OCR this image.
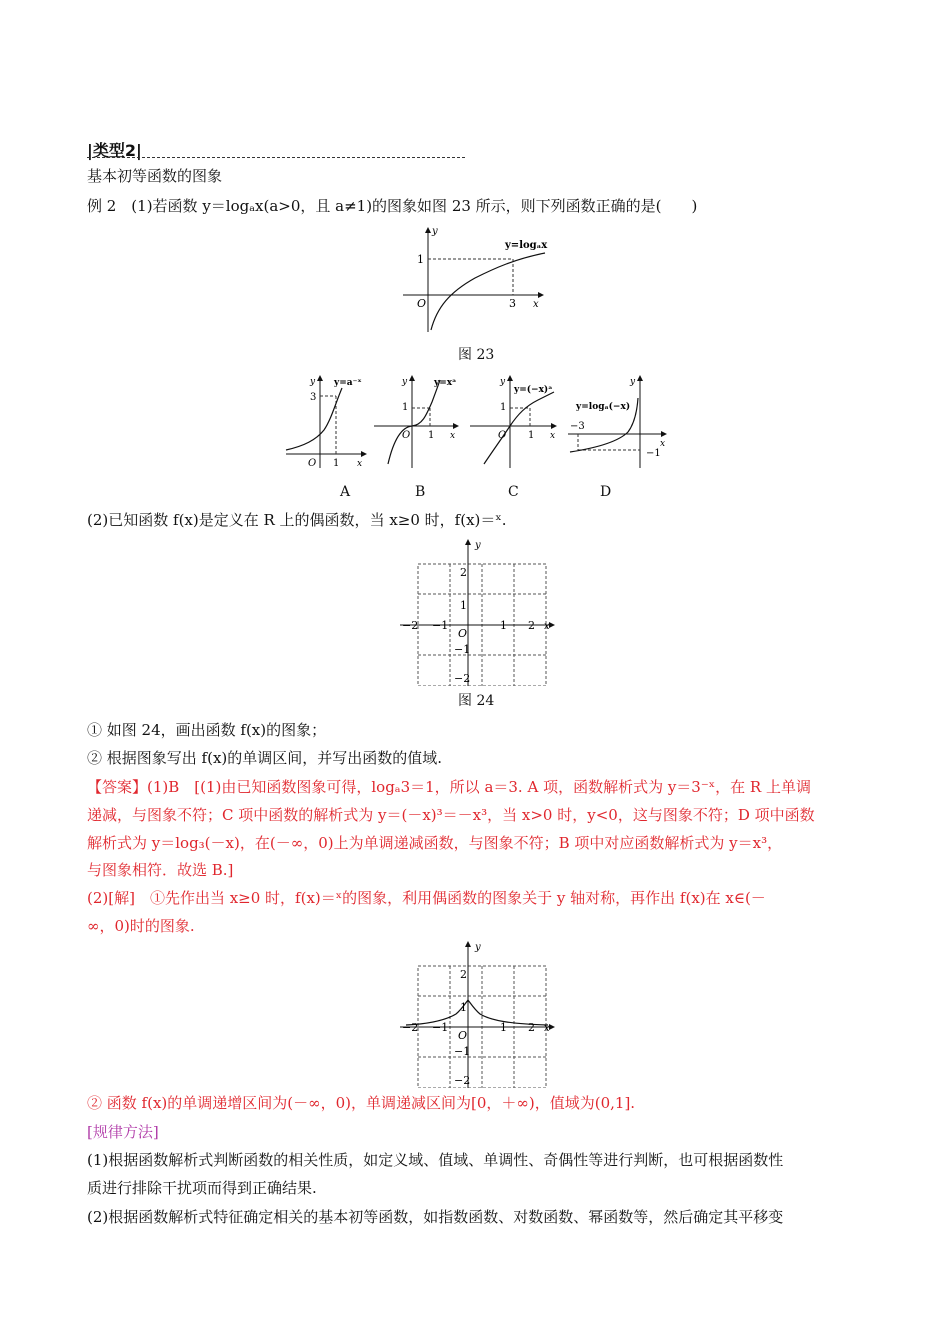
|类型2|
基本初等函数的图象
例 2　(1)若函数 y＝logₐx(a>0，且 a≠1)的图象如图 23 所示，则下列函数正确的是(　　)
y
x
O
1
3
y=logₐx
图 23
y
x
O
3
1
y=a⁻ˣ	y
x
O
1
1
y=xᵃ	y
x
O
1
1
y=(−x)ᵃ
y
x
−3
−1
y=logₐ(−x)
A	B	C	D
(2)已知函数 f(x)是定义在 R 上的偶函数，当 x≥0 时，f(x)＝ˣ.
y
x
O
2
1
−1
−2
−2 −1	1 2
图 24
① 如图 24，画出函数 f(x)的图象；
② 根据图象写出 f(x)的单调区间，并写出函数的值域.
【答案】(1)B　[(1)由已知函数图象可得，logₐ3＝1，所以 a＝3. A 项，函数解析式为 y＝3⁻ˣ，在 R 上单调
递减，与图象不符；C 项中函数的解析式为 y＝(－x)³＝－x³，当 x>0 时，y<0，这与图象不符；D 项中函数
解析式为 y＝log₃(－x)，在(－∞，0)上为单调递减函数，与图象不符；B 项中对应函数解析式为 y＝x³，
与图象相符．故选 B.]
(2)[解]　①先作出当 x≥0 时，f(x)＝ˣ的图象，利用偶函数的图象关于 y 轴对称，再作出 f(x)在 x∈(－
∞，0)时的图象.
y
x
O
2
1
−1
−2
−2 −1	1 2
② 函数 f(x)的单调递增区间为(－∞，0)，单调递减区间为[0，＋∞)，值域为(0,1].
[规律方法]
(1)根据函数解析式判断函数的相关性质，如定义域、值域、单调性、奇偶性等进行判断，也可根据函数性
质进行排除干扰项而得到正确结果.
(2)根据函数解析式特征确定相关的基本初等函数，如指数函数、对数函数、幂函数等，然后确定其平移变
